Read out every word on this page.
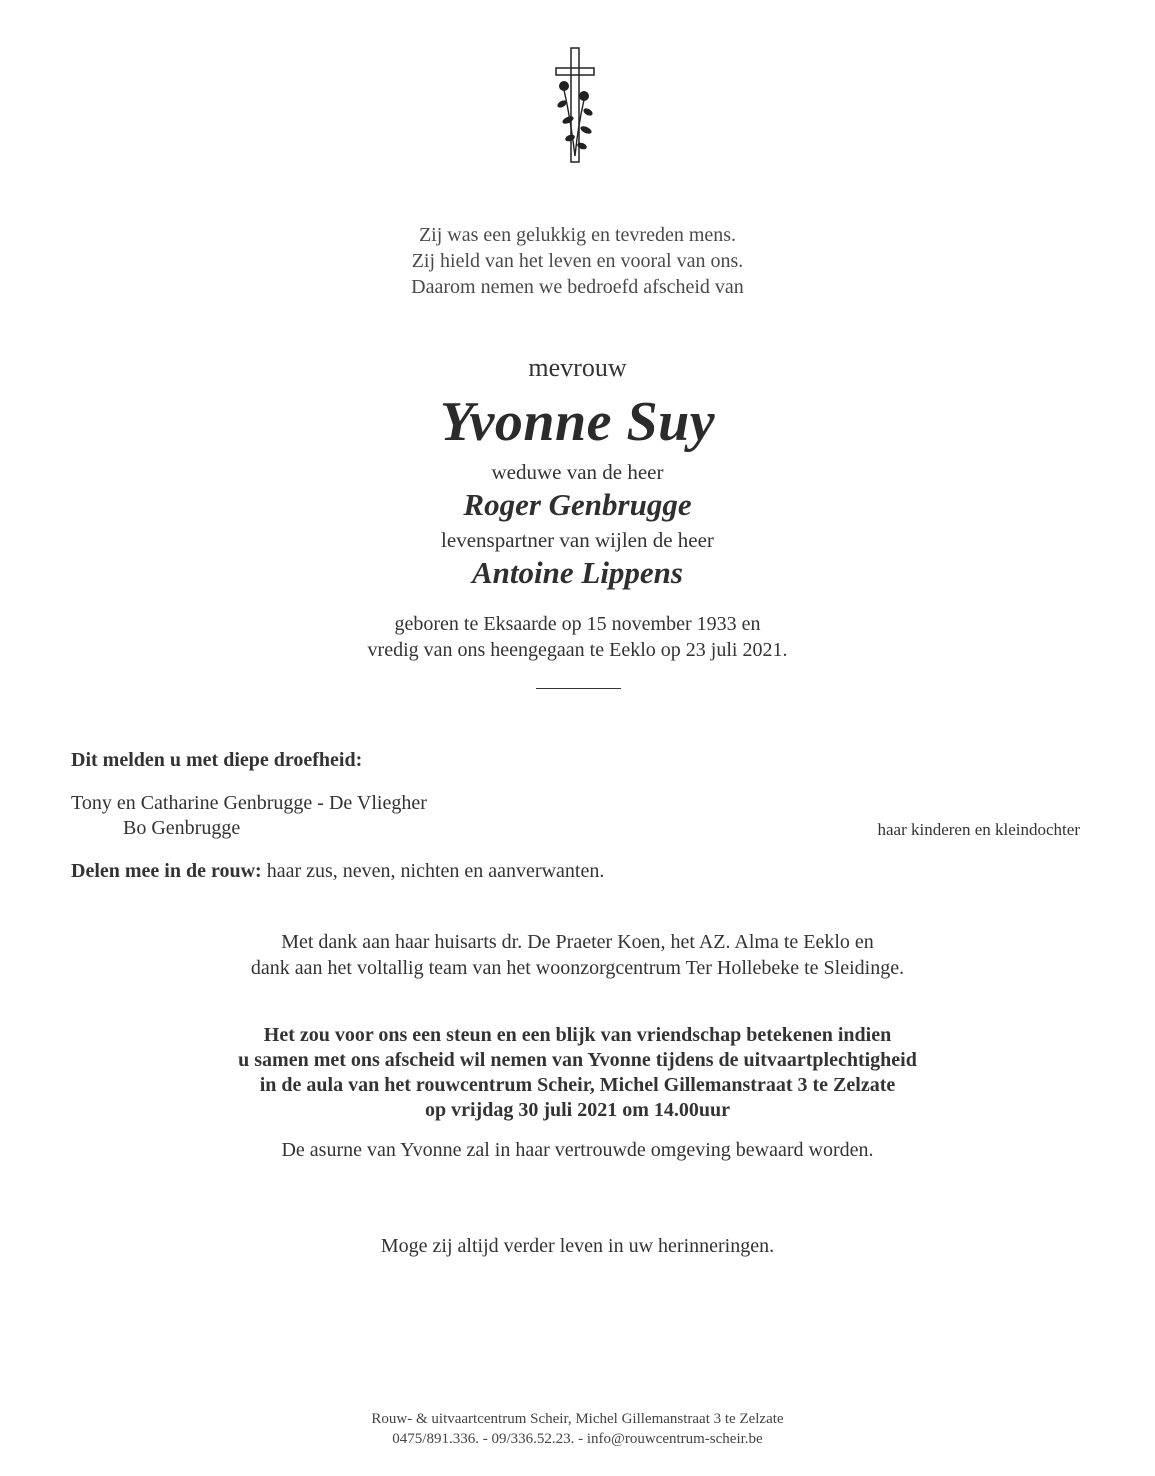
Zij was een gelukkig en tevreden mens.
Zij hield van het leven en vooral van ons.
Daarom nemen we bedroefd afscheid van
mevrouw
Yvonne Suy
weduwe van de heer
Roger Genbrugge
levenspartner van wijlen de heer
Antoine Lippens
geboren te Eksaarde op 15 november 1933 en
vredig van ons heengegaan te Eeklo op 23 juli 2021.
Dit melden u met diepe droefheid:
Tony en Catharine Genbrugge - De Vliegher
Bo Genbrugge	haar kinderen en kleindochter
Delen mee in de rouw: haar zus, neven, nichten en aanverwanten.
Met dank aan haar huisarts dr. De Praeter Koen, het AZ. Alma te Eeklo en
dank aan het voltallig team van het woonzorgcentrum Ter Hollebeke te Sleidinge.
Het zou voor ons een steun en een blijk van vriendschap betekenen indien
u samen met ons afscheid wil nemen van Yvonne tijdens de uitvaartplechtigheid
in de aula van het rouwcentrum Scheir, Michel Gillemanstraat 3 te Zelzate
op vrijdag 30 juli 2021 om 14.00uur
De asurne van Yvonne zal in haar vertrouwde omgeving bewaard worden.
Moge zij altijd verder leven in uw herinneringen.
Rouw- & uitvaartcentrum Scheir, Michel Gillemanstraat 3 te Zelzate
0475/891.336. - 09/336.52.23. - info@rouwcentrum-scheir.be
